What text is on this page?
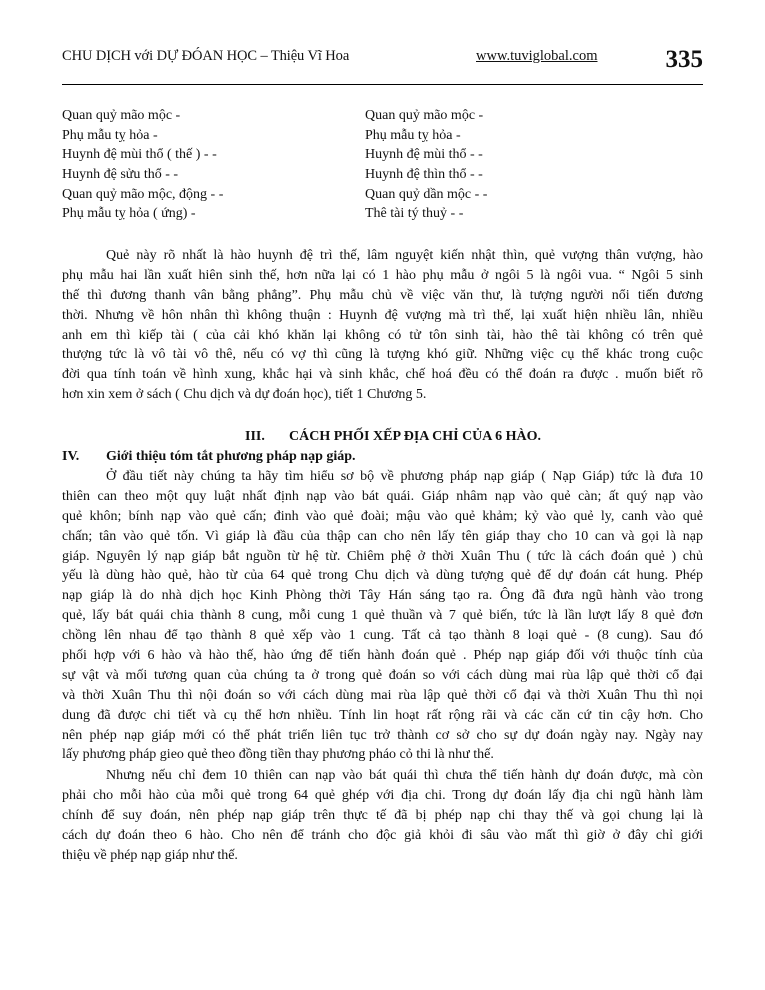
CHU DỊCH với DỰ ĐÓAN HỌC – Thiệu Vĩ Hoa	www.tuviglobal.com	335
Quan quỷ mão mộc -	Quan quỷ mão mộc -
Phụ mẫu tỵ hỏa -	Phụ mẫu tỵ hỏa -
Huynh đệ mùi thổ ( thế ) - -	Huynh đệ mùi thổ - -
Huynh đệ sửu thổ - -	Huynh đệ thìn thổ - -
Quan quỷ mão mộc, động - -	Quan quỷ dần mộc - -
Phụ mẫu tỵ hỏa ( ứng) -	Thê tài tý thuỷ - -
Quẻ này rõ nhất là hào huynh đệ trì thế, lâm nguyệt kiến nhật thìn, quẻ vượng thân vượng, hào
phụ mẫu hai lần xuất hiên sinh thế, hơn nữa lại có 1 hào phụ mẫu ở ngôi 5 là ngôi vua. “ Ngôi 5 sinh
thế thì đương thanh vân bằng phẳng”. Phụ mẫu chủ về việc văn thư, là tượng người nổi tiến đương
thời. Nhưng về hôn nhân thì không thuận : Huynh đệ vượng mà trì thế, lại xuất hiện nhiều lân, nhiều
anh em thì kiếp tài ( của cải khó khăn lại không có tử tôn sinh tài, hào thê tài không có trên quẻ
thượng tức là vô tài vô thê, nếu có vợ thì cũng là tượng khó giữ. Những việc cụ thể khác trong cuộc
đời qua tính toán về hình xung, khắc hại và sinh khắc, chế hoá đều có thể đoán ra được . muốn biết rõ
hơn xin xem ở sách ( Chu dịch và dự đoán học), tiết 1 Chương 5.
III. CÁCH PHỐI XẾP ĐỊA CHỈ CỦA 6 HÀO.
IV. Giới thiệu tóm tắt phương pháp nạp giáp.
Ở đầu tiết này chúng ta hãy tìm hiểu sơ bộ về phương pháp nạp giáp ( Nạp Giáp) tức là đưa 10
thiên can theo một quy luật nhất định nạp vào bát quái. Giáp nhâm nạp vào quẻ càn; ất quý nạp vào
quẻ khôn; bính nạp vào quẻ cấn; đinh vào quẻ đoài; mậu vào quẻ khảm; kỷ vào quẻ ly, canh vào quẻ
chấn; tân vào quẻ tốn. Vì giáp là đầu của thập can cho nên lấy tên giáp thay cho 10 can và gọi là nạp
giáp. Nguyên lý nạp giáp bắt nguồn từ hệ từ. Chiêm phệ ở thời Xuân Thu ( tức là cách đoán quẻ ) chủ
yếu là dùng hào quẻ, hào từ của 64 quẻ trong Chu dịch và dùng tượng quẻ để dự đoán cát hung. Phép
nạp giáp là do nhà dịch học Kinh Phòng thời Tây Hán sáng tạo ra. Ông đã đưa ngũ hành vào trong
quẻ, lấy bát quái chia thành 8 cung, mỗi cung 1 quẻ thuần và 7 quẻ biến, tức là lần lượt lấy 8 quẻ đơn
chồng lên nhau để tạo thành 8 quẻ xếp vào 1 cung. Tất cả tạo thành 8 loại quẻ - (8 cung). Sau đó
phối hợp với 6 hào và hào thế, hào ứng để tiến hành đoán quẻ . Phép nạp giáp đối với thuộc tính của
sự vật và mối tương quan của chúng ta ở trong quẻ đoán so với cách dùng mai rùa lập quẻ thời cổ đại
và thời Xuân Thu thì nội đoán so với cách dùng mai rùa lập quẻ thời cổ đại và thời Xuân Thu thì nọi
dung đã được chi tiết và cụ thể hơn nhiều. Tính lin hoạt rất rộng rãi và các căn cứ tin cậy hơn. Cho
nên phép nạp giáp mới có thể phát triển liên tục trở thành cơ sở cho sự dự đoán ngày nay. Ngày nay
lấy phương pháp gieo quẻ theo đồng tiền thay phương pháo cỏ thi là như thế.
Nhưng nếu chỉ đem 10 thiên can nạp vào bát quái thì chưa thể tiến hành dự đoán được, mà còn
phải cho mỗi hào của mỗi quẻ trong 64 quẻ ghép với địa chi. Trong dự đoán lấy địa chi ngũ hành làm
chính để suy đoán, nên phép nạp giáp trên thực tế đã bị phép nạp chi thay thế và gọi chung lại là
cách dự đoán theo 6 hào. Cho nên để tránh cho độc giả khỏi đi sâu vào mất thì giờ ở đây chỉ giới
thiệu về phép nạp giáp như thế.
